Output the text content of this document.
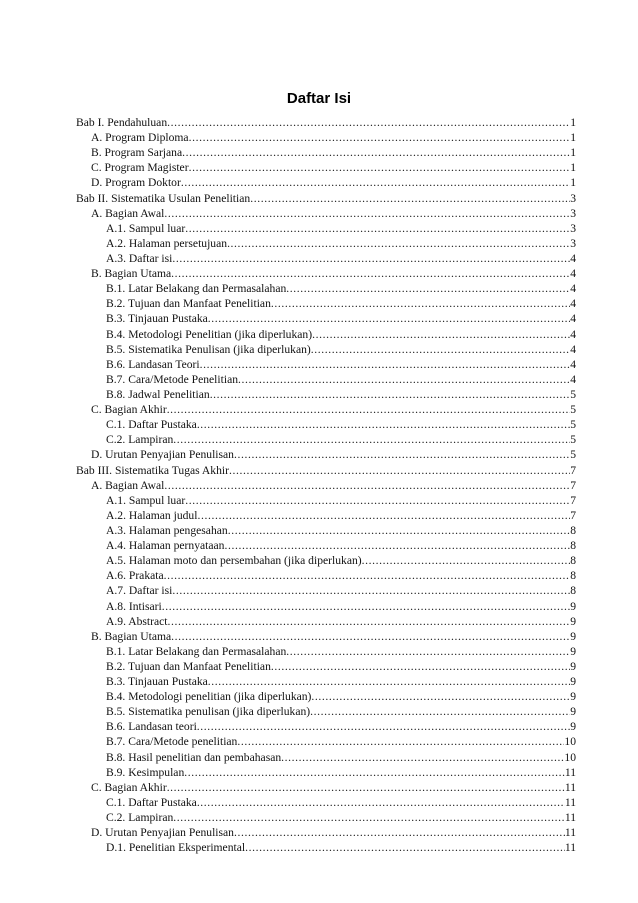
Daftar Isi
Bab I. Pendahuluan .....	1
A. Program Diploma .....	1
B. Program Sarjana .....	1
C. Program Magister .....	1
D. Program Doktor .....	1
Bab II. Sistematika Usulan Penelitian .....	3
A. Bagian Awal .....	3
A.1. Sampul luar .....	3
A.2. Halaman persetujuan .....	3
A.3. Daftar isi .....	4
B. Bagian Utama .....	4
B.1. Latar Belakang dan Permasalahan .....	4
B.2. Tujuan dan Manfaat Penelitian .....	4
B.3. Tinjauan Pustaka .....	4
B.4. Metodologi Penelitian (jika diperlukan) .....	4
B.5. Sistematika Penulisan (jika diperlukan) .....	4
B.6. Landasan Teori .....	4
B.7. Cara/Metode Penelitian .....	4
B.8. Jadwal Penelitian .....	5
C. Bagian Akhir .....	5
C.1. Daftar Pustaka .....	5
C.2. Lampiran .....	5
D. Urutan Penyajian Penulisan .....	5
Bab III. Sistematika Tugas Akhir .....	7
A. Bagian Awal .....	7
A.1. Sampul luar .....	7
A.2. Halaman judul .....	7
A.3. Halaman pengesahan .....	8
A.4. Halaman pernyataan .....	8
A.5. Halaman moto dan persembahan (jika diperlukan) .....	8
A.6. Prakata .....	8
A.7. Daftar isi .....	8
A.8. Intisari .....	9
A.9. Abstract .....	9
B. Bagian Utama .....	9
B.1. Latar Belakang dan Permasalahan .....	9
B.2. Tujuan dan Manfaat Penelitian .....	9
B.3. Tinjauan Pustaka .....	9
B.4. Metodologi penelitian (jika diperlukan) .....	9
B.5. Sistematika penulisan (jika diperlukan) .....	9
B.6. Landasan teori .....	9
B.7. Cara/Metode penelitian .....	10
B.8. Hasil penelitian dan pembahasan .....	10
B.9. Kesimpulan .....	11
C. Bagian Akhir .....	11
C.1. Daftar Pustaka .....	11
C.2. Lampiran .....	11
D. Urutan Penyajian Penulisan .....	11
D.1. Penelitian Eksperimental .....	11
